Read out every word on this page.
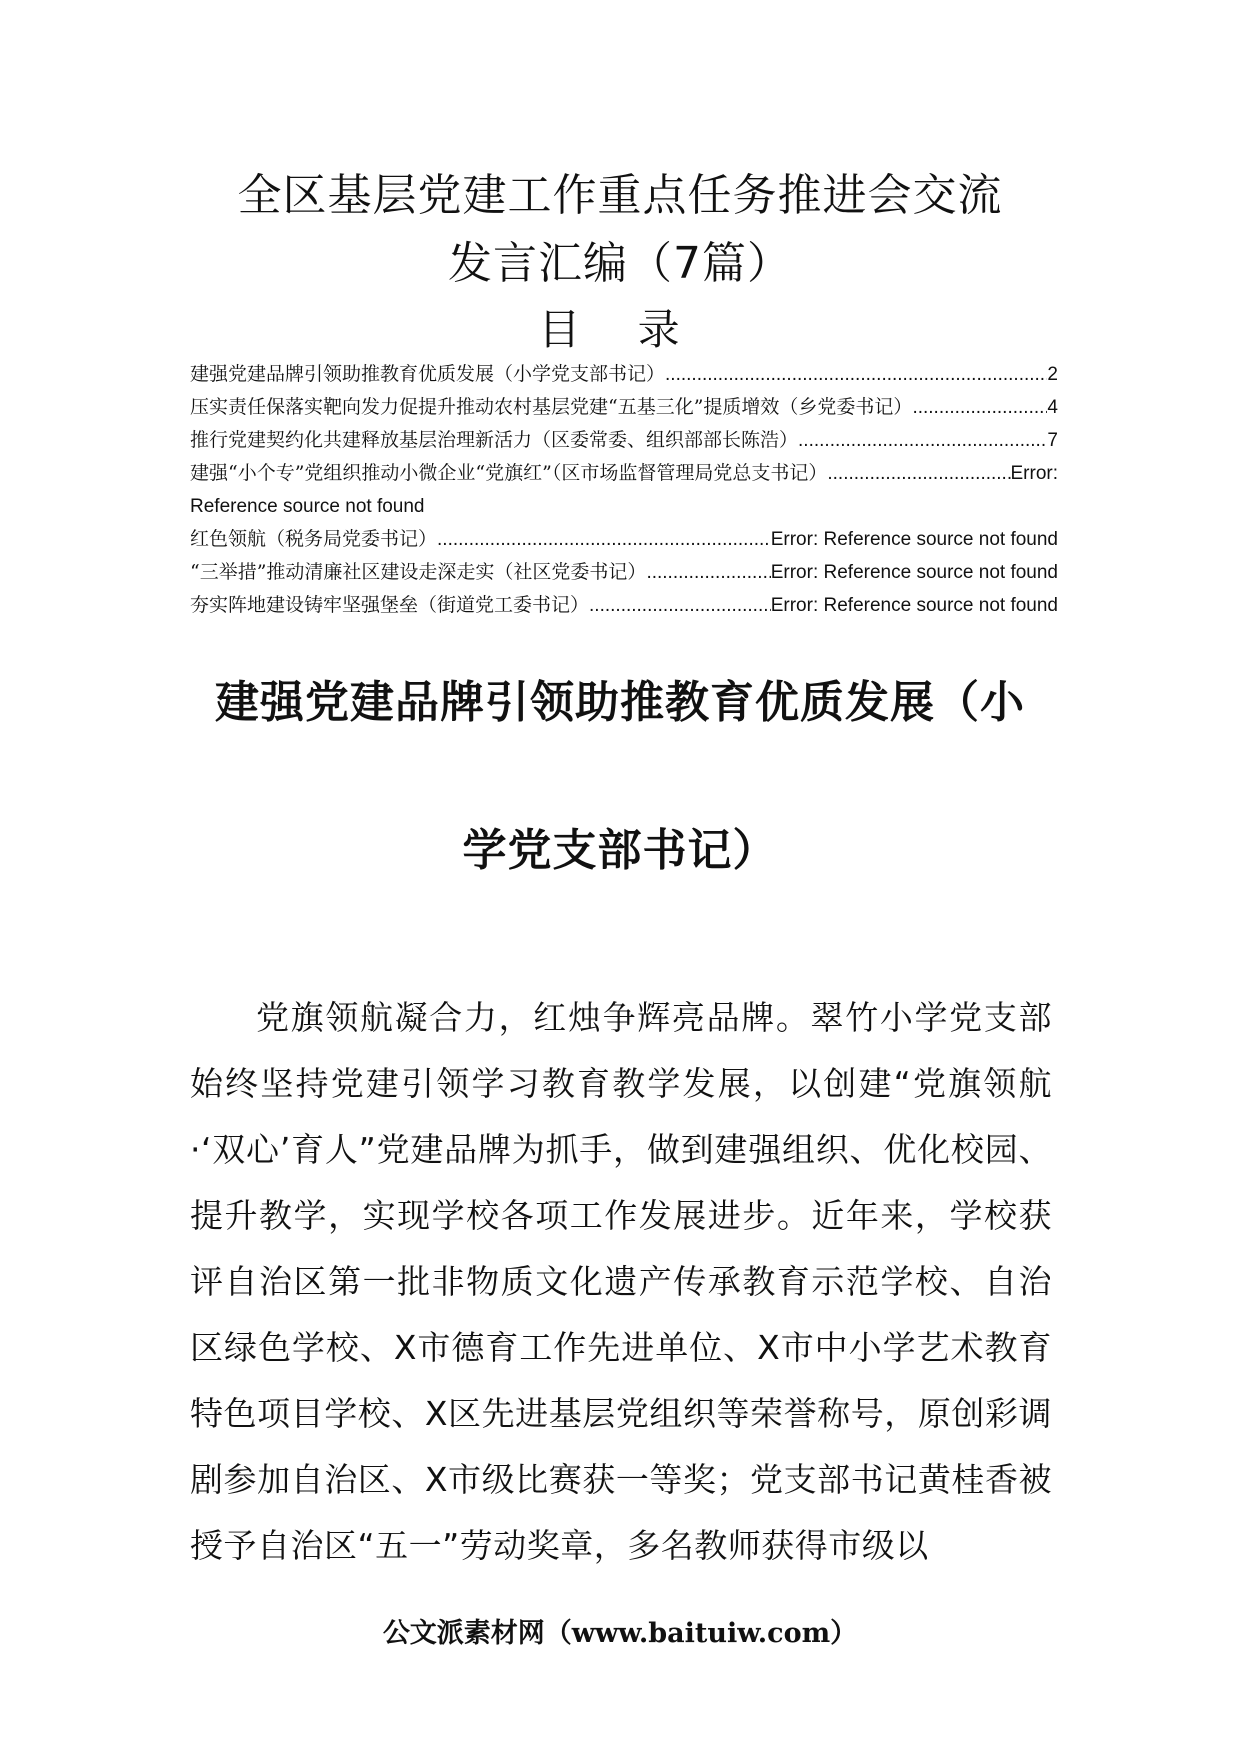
全区基层党建工作重点任务推进会交流
发言汇编（7篇）
目 录
建强党建品牌引领助推教育优质发展（小学党支部书记） .....	2
压实责任保落实靶向发力促提升推动农村基层党建“五基三化”提质增效（乡党委书记） .....	4
推行党建契约化共建释放基层治理新活力（区委常委、组织部部长陈浩） .....	7
建强“小个专”党组织推动小微企业“党旗红”（区市场监督管理局党总支书记） .....	Error:
Reference source not found
红色领航（税务局党委书记） .....	Error: Reference source not found
“三举措”推动清廉社区建设走深走实（社区党委书记） .....	Error: Reference source not found
夯实阵地建设铸牢坚强堡垒（街道党工委书记） .....	Error: Reference source not found
建强党建品牌引领助推教育优质发展（小
学党支部书记）

党旗领航凝合力，红烛争辉亮品牌。翠竹小学党支部始终坚持党建引领学习教育教学发展，以创建“党旗领航·‘双心’育人”党建品牌为抓手，做到建强组织、优化校园、提升教学，实现学校各项工作发展进步。近年来，学校获评自治区第一批非物质文化遗产传承教育示范学校、自治区绿色学校、X市德育工作先进单位、X市中小学艺术教育特色项目学校、X区先进基层党组织等荣誉称号，原创彩调剧参加自治区、X市级比赛获一等奖；党支部书记黄桂香被授予自治区“五一”劳动奖章，多名教师获得市级以

公文派素材网（www.baituiw.com）
